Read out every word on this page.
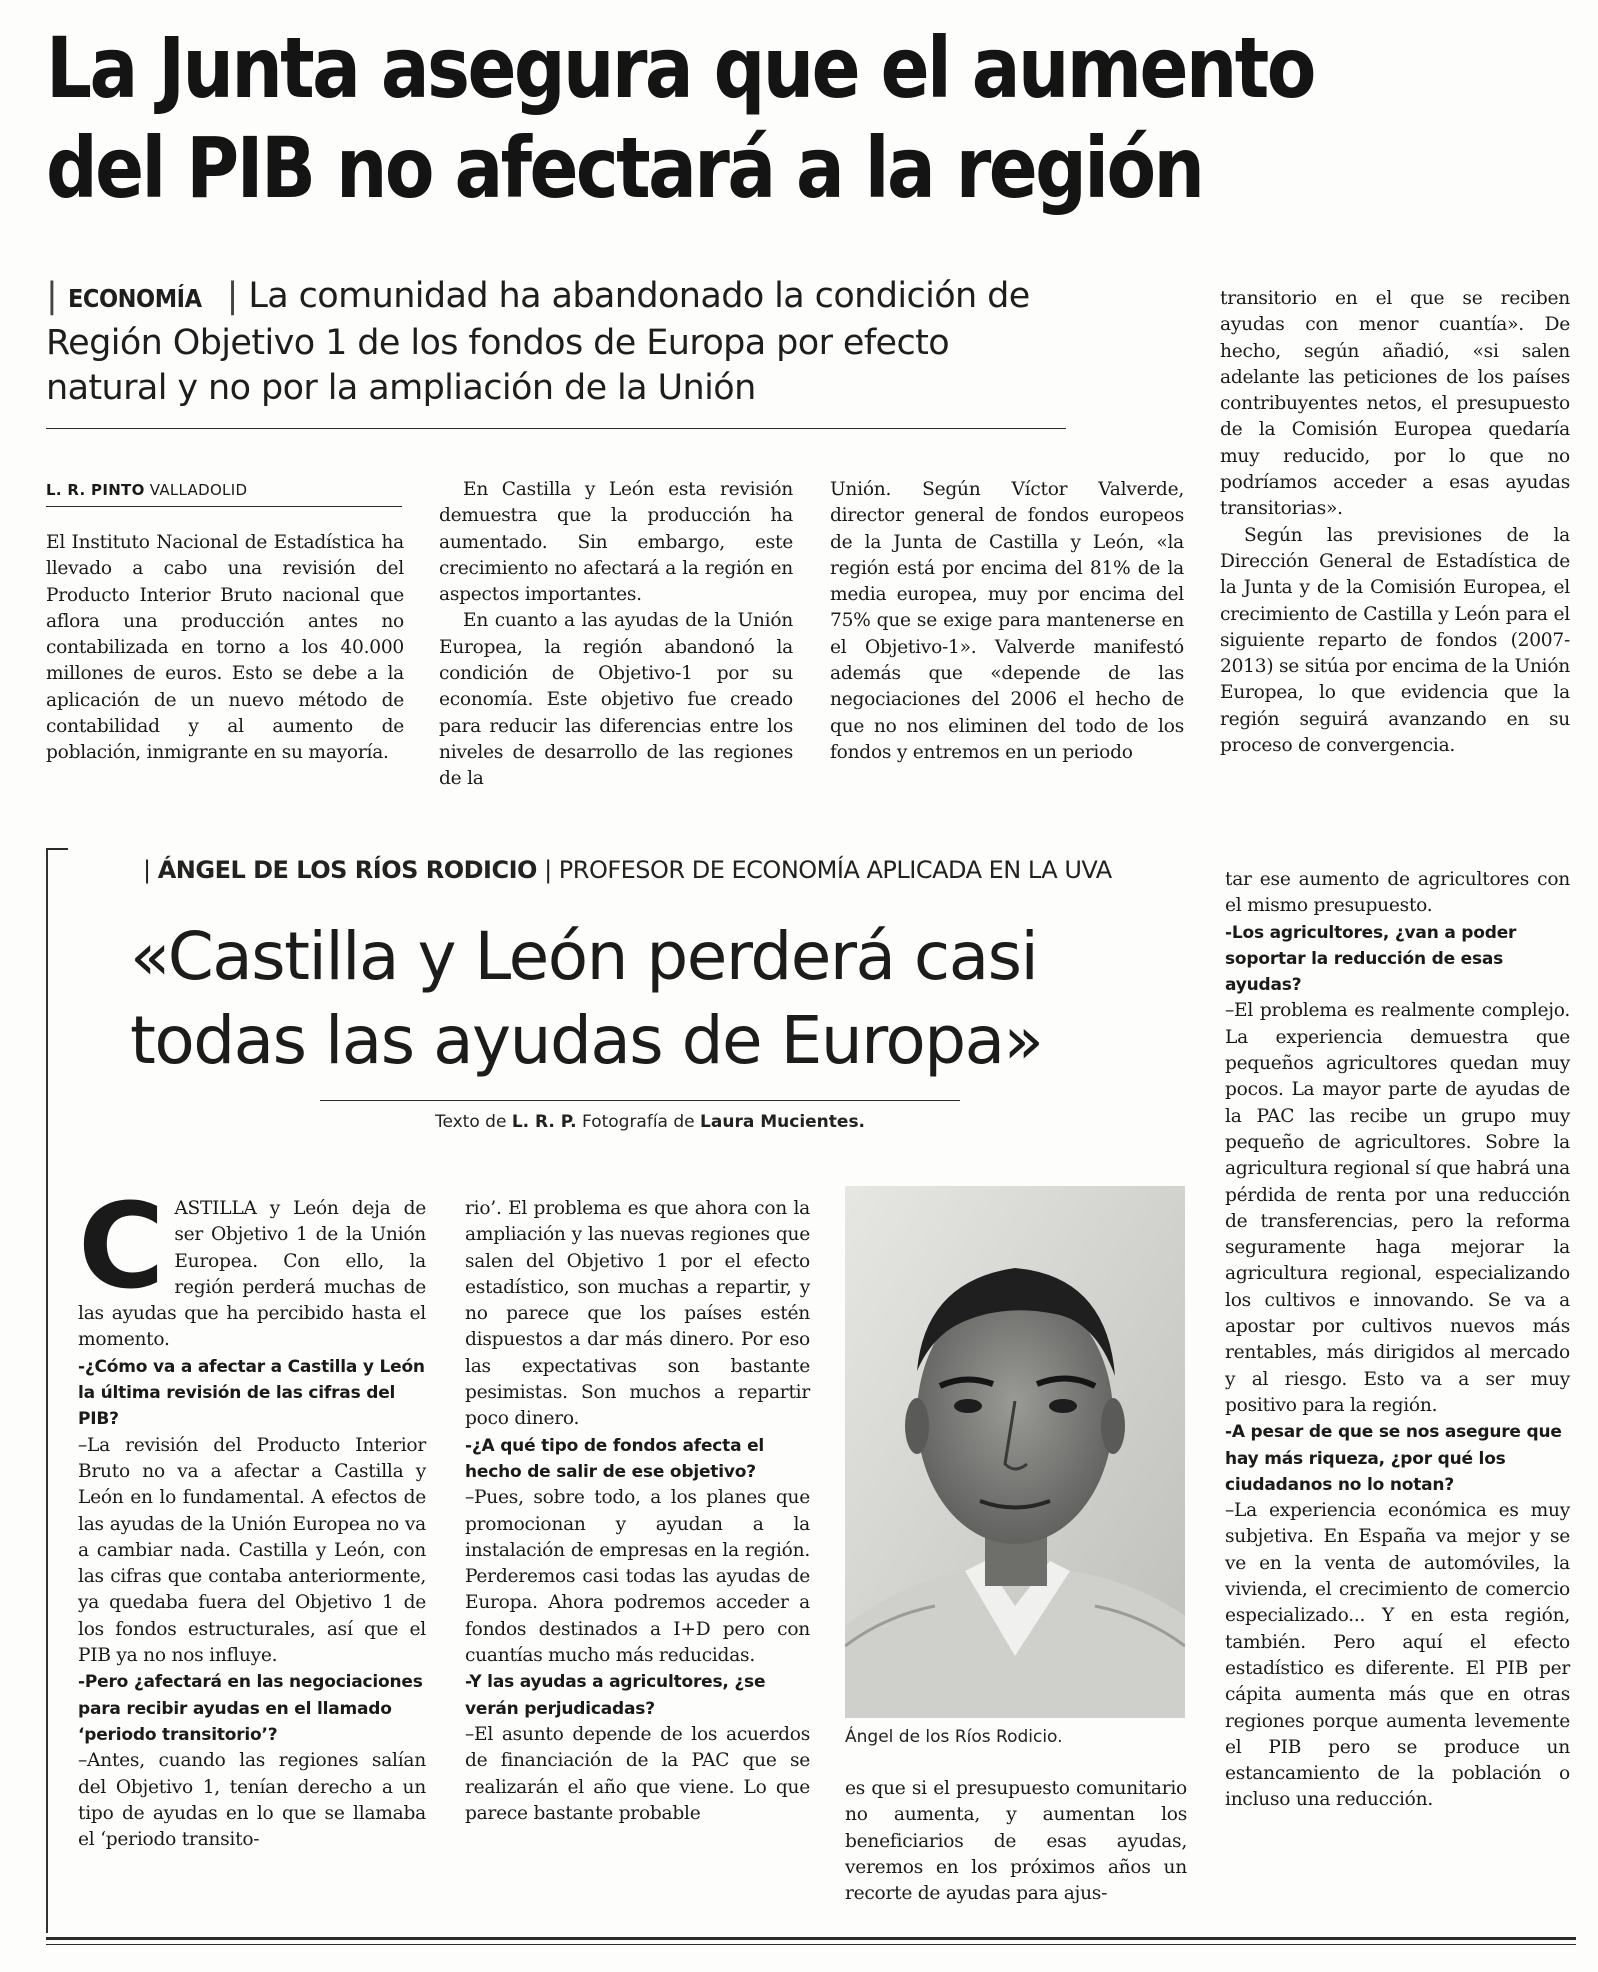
La Junta asegura que el aumento
del PIB no afectará a la región
| ECONOMÍA | La comunidad ha abandonado la condición de Región Objetivo 1 de los fondos de Europa por efecto natural y no por la ampliación de la Unión
L. R. PINTO VALLADOLID

El Instituto Nacional de Estadística ha llevado a cabo una revisión del Producto Interior Bruto nacional que aflora una producción antes no contabilizada en torno a los 40.000 millones de euros. Esto se debe a la aplicación de un nuevo método de contabilidad y al aumento de población, inmigrante en su mayoría.

En Castilla y León esta revisión demuestra que la producción ha aumentado. Sin embargo, este crecimiento no afectará a la región en aspectos importantes.

En cuanto a las ayudas de la Unión Europea, la región abandonó la condición de Objetivo-1 por su economía. Este objetivo fue creado para reducir las diferencias entre los niveles de desarrollo de las regiones de la

Unión. Según Víctor Valverde, director general de fondos europeos de la Junta de Castilla y León, «la región está por encima del 81% de la media europea, muy por encima del 75% que se exige para mantenerse en el Objetivo-1». Valverde manifestó además que «depende de las negociaciones del 2006 el hecho de que no nos eliminen del todo de los fondos y entremos en un periodo

transitorio en el que se reciben ayudas con menor cuantía». De hecho, según añadió, «si salen adelante las peticiones de los países contribuyentes netos, el presupuesto de la Comisión Europea quedaría muy reducido, por lo que no podríamos acceder a esas ayudas transitorias».

Según las previsiones de la Dirección General de Estadística de la Junta y de la Comisión Europea, el crecimiento de Castilla y León para el siguiente reparto de fondos (2007-2013) se sitúa por encima de la Unión Europea, lo que evidencia que la región seguirá avanzando en su proceso de convergencia.

| ÁNGEL DE LOS RÍOS RODICIO | PROFESOR DE ECONOMÍA APLICADA EN LA UVA
«Castilla y León perderá casi
todas las ayudas de Europa»
Texto de L. R. P. Fotografía de Laura Mucientes.
C ASTILLA y León deja de ser Objetivo 1 de la Unión Europea. Con ello, la región perderá muchas de las ayudas que ha percibido hasta el momento.

-¿Cómo va a afectar a Castilla y León la última revisión de las cifras del PIB?

–La revisión del Producto Interior Bruto no va a afectar a Castilla y León en lo fundamental. A efectos de las ayudas de la Unión Europea no va a cambiar nada. Castilla y León, con las cifras que contaba anteriormente, ya quedaba fuera del Objetivo 1 de los fondos estructurales, así que el PIB ya no nos influye.

-Pero ¿afectará en las negociaciones para recibir ayudas en el llamado ‘periodo transitorio’?

–Antes, cuando las regiones salían del Objetivo 1, tenían derecho a un tipo de ayudas en lo que se llamaba el ‘periodo transito-

rio’. El problema es que ahora con la ampliación y las nuevas regiones que salen del Objetivo 1 por el efecto estadístico, son muchas a repartir, y no parece que los países estén dispuestos a dar más dinero. Por eso las expectativas son bastante pesimistas. Son muchos a repartir poco dinero.

-¿A qué tipo de fondos afecta el hecho de salir de ese objetivo?

–Pues, sobre todo, a los planes que promocionan y ayudan a la instalación de empresas en la región. Perderemos casi todas las ayudas de Europa. Ahora podremos acceder a fondos destinados a I+D pero con cuantías mucho más reducidas.

-Y las ayudas a agricultores, ¿se verán perjudicadas?

–El asunto depende de los acuerdos de financiación de la PAC que se realizarán el año que viene. Lo que parece bastante probable

Ángel de los Ríos Rodicio.

es que si el presupuesto comunitario no aumenta, y aumentan los beneficiarios de esas ayudas, veremos en los próximos años un recorte de ayudas para ajus-

tar ese aumento de agricultores con el mismo presupuesto.

-Los agricultores, ¿van a poder soportar la reducción de esas ayudas?

–El problema es realmente complejo. La experiencia demuestra que pequeños agricultores quedan muy pocos. La mayor parte de ayudas de la PAC las recibe un grupo muy pequeño de agricultores. Sobre la agricultura regional sí que habrá una pérdida de renta por una reducción de transferencias, pero la reforma seguramente haga mejorar la agricultura regional, especializando los cultivos e innovando. Se va a apostar por cultivos nuevos más rentables, más dirigidos al mercado y al riesgo. Esto va a ser muy positivo para la región.

-A pesar de que se nos asegure que hay más riqueza, ¿por qué los ciudadanos no lo notan?

–La experiencia económica es muy subjetiva. En España va mejor y se ve en la venta de automóviles, la vivienda, el crecimiento de comercio especializado... Y en esta región, también. Pero aquí el efecto estadístico es diferente. El PIB per cápita aumenta más que en otras regiones porque aumenta levemente el PIB pero se produce un estancamiento de la población o incluso una reducción.
